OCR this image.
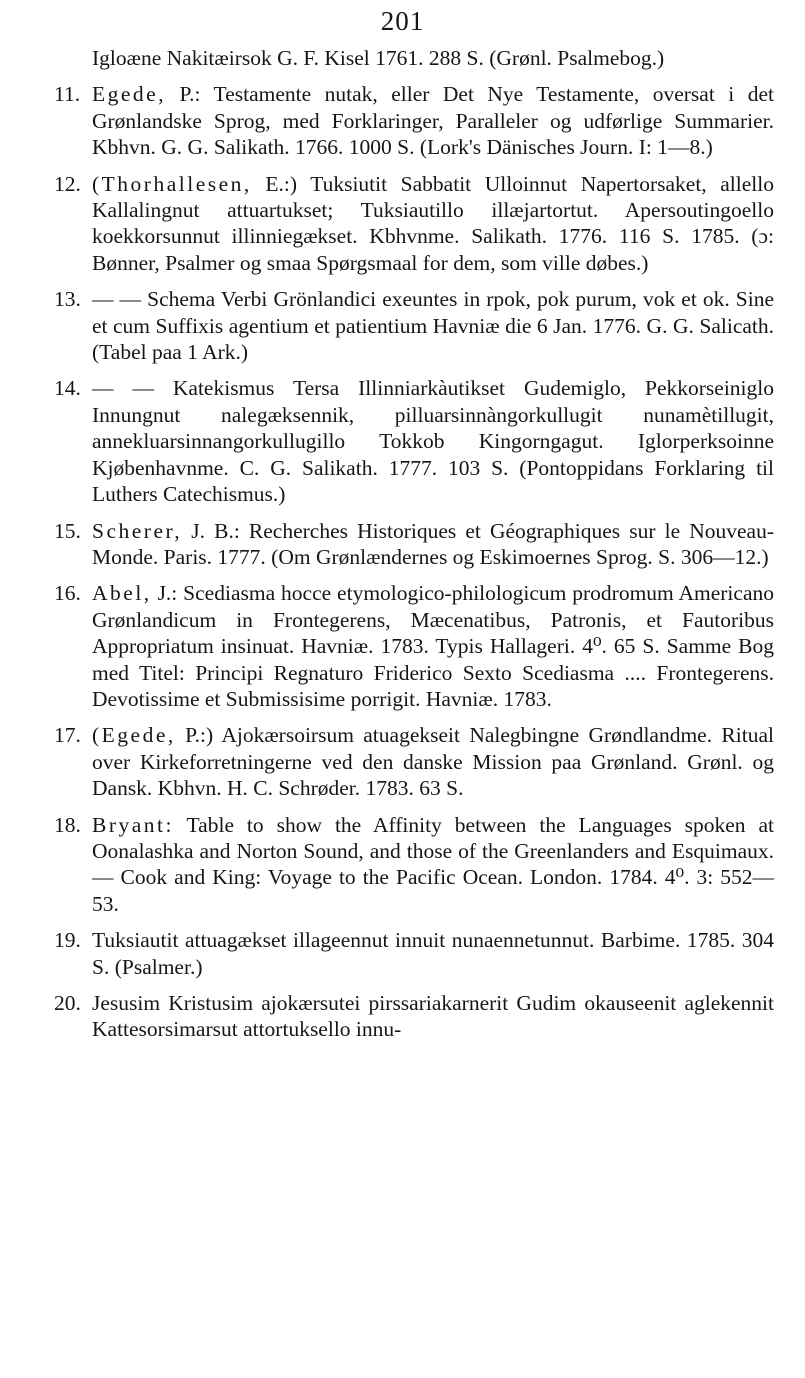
201
Igloæne Nakitæirsok G. F. Kisel 1761. 288 S. (Grønl. Psalmebog.)
11. Egede, P.: Testamente nutak, eller Det Nye Testamente, oversat i det Grønlandske Sprog, med Forklaringer, Paralleler og udførlige Summarier. Kbhvn. G. G. Salikath. 1766. 1000 S. (Lork's Dänisches Journ. I: 1—8.)
12. (Thorhallesen, E.:) Tuksiutit Sabbatit Ulloinnut Napertorsaket, allello Kallalingnut attuartukset; Tuksiautillo illæjartortut. Apersoutingoello koekkorsunnut illinniegækset. Kbhvnme. Salikath. 1776. 116 S. 1785. (ɔ: Bønner, Psalmer og smaa Spørgsmaal for dem, som ville døbes.)
13. — — Schema Verbi Grönlandici exeuntes in rpok, pok purum, vok et ok. Sine et cum Suffixis agentium et patientium Havniæ die 6 Jan. 1776. G. G. Salicath. (Tabel paa 1 Ark.)
14. — — Katekismus Tersa Illinniarkàutikset Gudemiglo, Pekkorseiniglo Innungnut nalegæksennik, pilluarsinnàngorkullugit nunamètillugit, annekluarsinnangorkullugillo Tokkob Kingorngagut. Iglorperksoinne Kjøbenhavnme. C. G. Salikath. 1777. 103 S. (Pontoppidans Forklaring til Luthers Catechismus.)
15. Scherer, J. B.: Recherches Historiques et Géographiques sur le Nouveau-Monde. Paris. 1777. (Om Grønlændernes og Eskimoernes Sprog. S. 306—12.)
16. Abel, J.: Scediasma hocce etymologico-philologicum prodromum Americano Grønlandicum in Frontegerens, Mæcenatibus, Patronis, et Fautoribus Appropriatum insinuat. Havniæ. 1783. Typis Hallageri. 4⁰. 65 S. Samme Bog med Titel: Principi Regnaturo Friderico Sexto Scediasma .... Frontegerens. Devotissime et Submissisime porrigit. Havniæ. 1783.
17. (Egede, P.:) Ajokærsoirsum atuagekseit Nalegbingne Grøndlandme. Ritual over Kirkeforretningerne ved den danske Mission paa Grønland. Grønl. og Dansk. Kbhvn. H. C. Schrøder. 1783. 63 S.
18. Bryant: Table to show the Affinity between the Languages spoken at Oonalashka and Norton Sound, and those of the Greenlanders and Esquimaux. — Cook and King: Voyage to the Pacific Ocean. London. 1784. 4⁰. 3: 552—53.
19. Tuksiautit attuagækset illageennut innuit nunaennetunnut. Barbime. 1785. 304 S. (Psalmer.)
20. Jesusim Kristusim ajokærsutei pirssariakarnerit Gudim okauseenit aglekennit Kattesorsimarsut attortuksello innu-
